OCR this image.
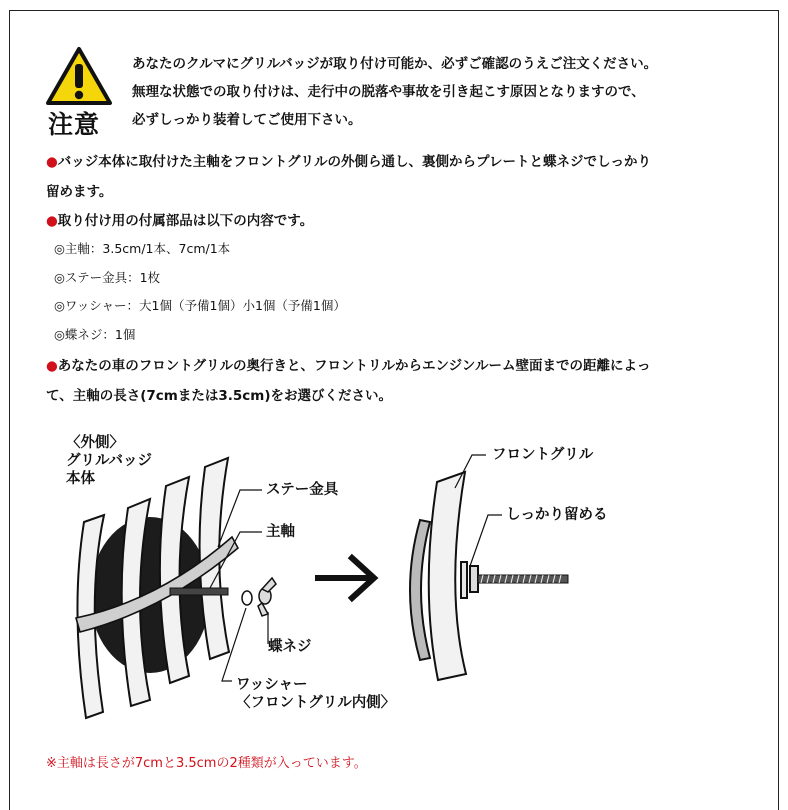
注意
あなたのクルマにグリルバッジが取り付け可能か、必ずご確認のうえご注文ください。
無理な状態での取り付けは、走行中の脱落や事故を引き起こす原因となりますので、
必ずしっかり装着してご使用下さい。
●バッジ本体に取付けた主軸をフロントグリルの外側ら通し、裏側からプレートと蝶ネジでしっかり
留めます。
●取り付け用の付属部品は以下の内容です。
◎主軸：3.5cm/1本、7cm/1本
◎ステー金具：1枚
◎ワッシャー：大1個（予備1個）小1個（予備1個）
◎蝶ネジ：1個
●あなたの車のフロントグリルの奥行きと、フロントリルからエンジンルーム壁面までの距離によっ
て、主軸の長さ(7cmまたは3.5cm)をお選びください。
〈外側〉
グリルバッジ
本体
ステー金具
主軸
蝶ネジ
ワッシャー
〈フロントグリル内側〉
フロントグリル
しっかり留める
※主軸は長さが7cmと3.5cmの2種類が入っています。
